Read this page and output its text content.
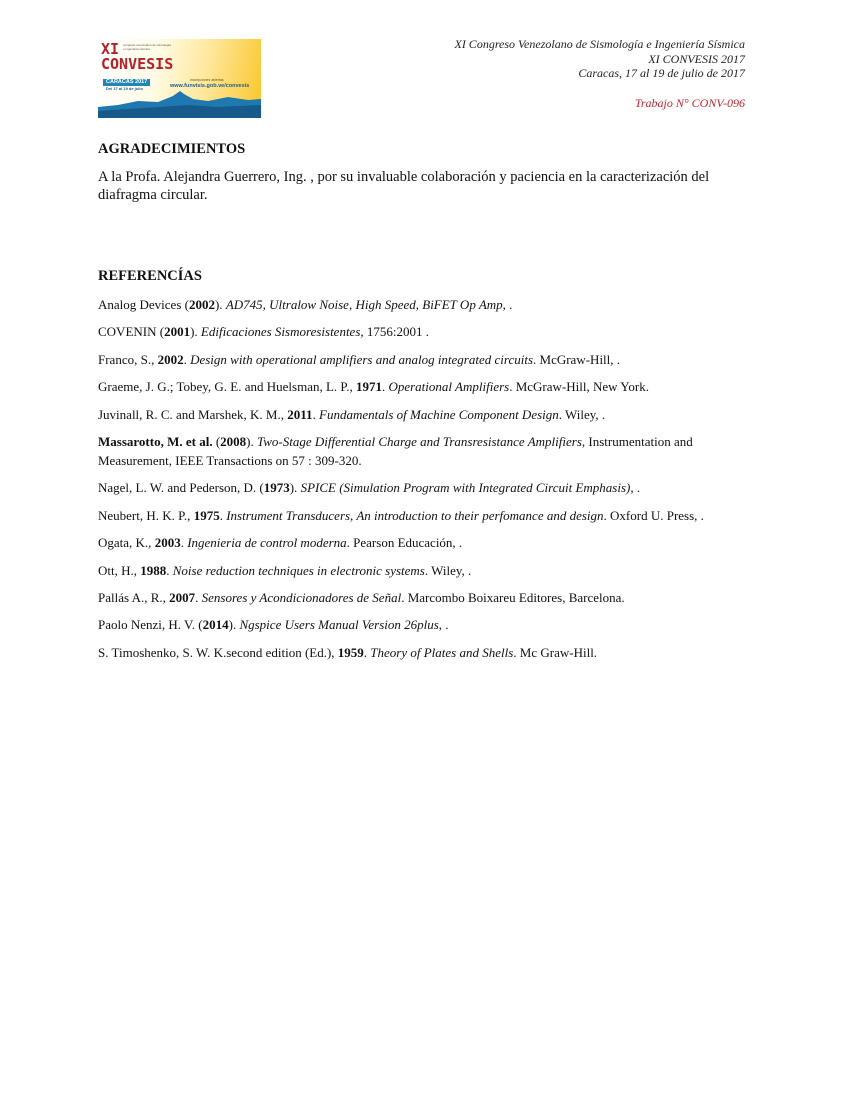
XI congreso venezolano de sismología e ingeniería sísmica
CONVESIS
CARACAS 2017
Del 17 al 19 de julio
inscripciones abiertas
www.funvisis.gob.ve/convesis
XI Congreso Venezolano de Sismología e Ingeniería Sísmica
XI CONVESIS 2017
Caracas, 17 al 19 de julio de 2017
Trabajo N° CONV-096
AGRADECIMIENTOS

A la Profa. Alejandra Guerrero, Ing. , por su invaluable colaboración y paciencia en la caracterización del diafragma circular.

REFERENCÍAS
Analog Devices (2002). AD745, Ultralow Noise, High Speed, BiFET Op Amp, .
COVENIN (2001). Edificaciones Sismoresistentes, 1756:2001 .
Franco, S., 2002. Design with operational amplifiers and analog integrated circuits. McGraw-Hill, .
Graeme, J. G.; Tobey, G. E. and Huelsman, L. P., 1971. Operational Amplifiers. McGraw-Hill, New York.
Juvinall, R. C. and Marshek, K. M., 2011. Fundamentals of Machine Component Design. Wiley, .
Massarotto, M. et al. (2008). Two-Stage Differential Charge and Transresistance Amplifiers, Instrumentation and Measurement, IEEE Transactions on 57 : 309-320.
Nagel, L. W. and Pederson, D. (1973). SPICE (Simulation Program with Integrated Circuit Emphasis), .
Neubert, H. K. P., 1975. Instrument Transducers, An introduction to their perfomance and design. Oxford U. Press, .
Ogata, K., 2003. Ingenieria de control moderna. Pearson Educación, .
Ott, H., 1988. Noise reduction techniques in electronic systems. Wiley, .
Pallás A., R., 2007. Sensores y Acondicionadores de Señal. Marcombo Boixareu Editores, Barcelona.
Paolo Nenzi, H. V. (2014). Ngspice Users Manual Version 26plus, .
S. Timoshenko, S. W. K.second edition (Ed.), 1959. Theory of Plates and Shells. Mc Graw-Hill.
